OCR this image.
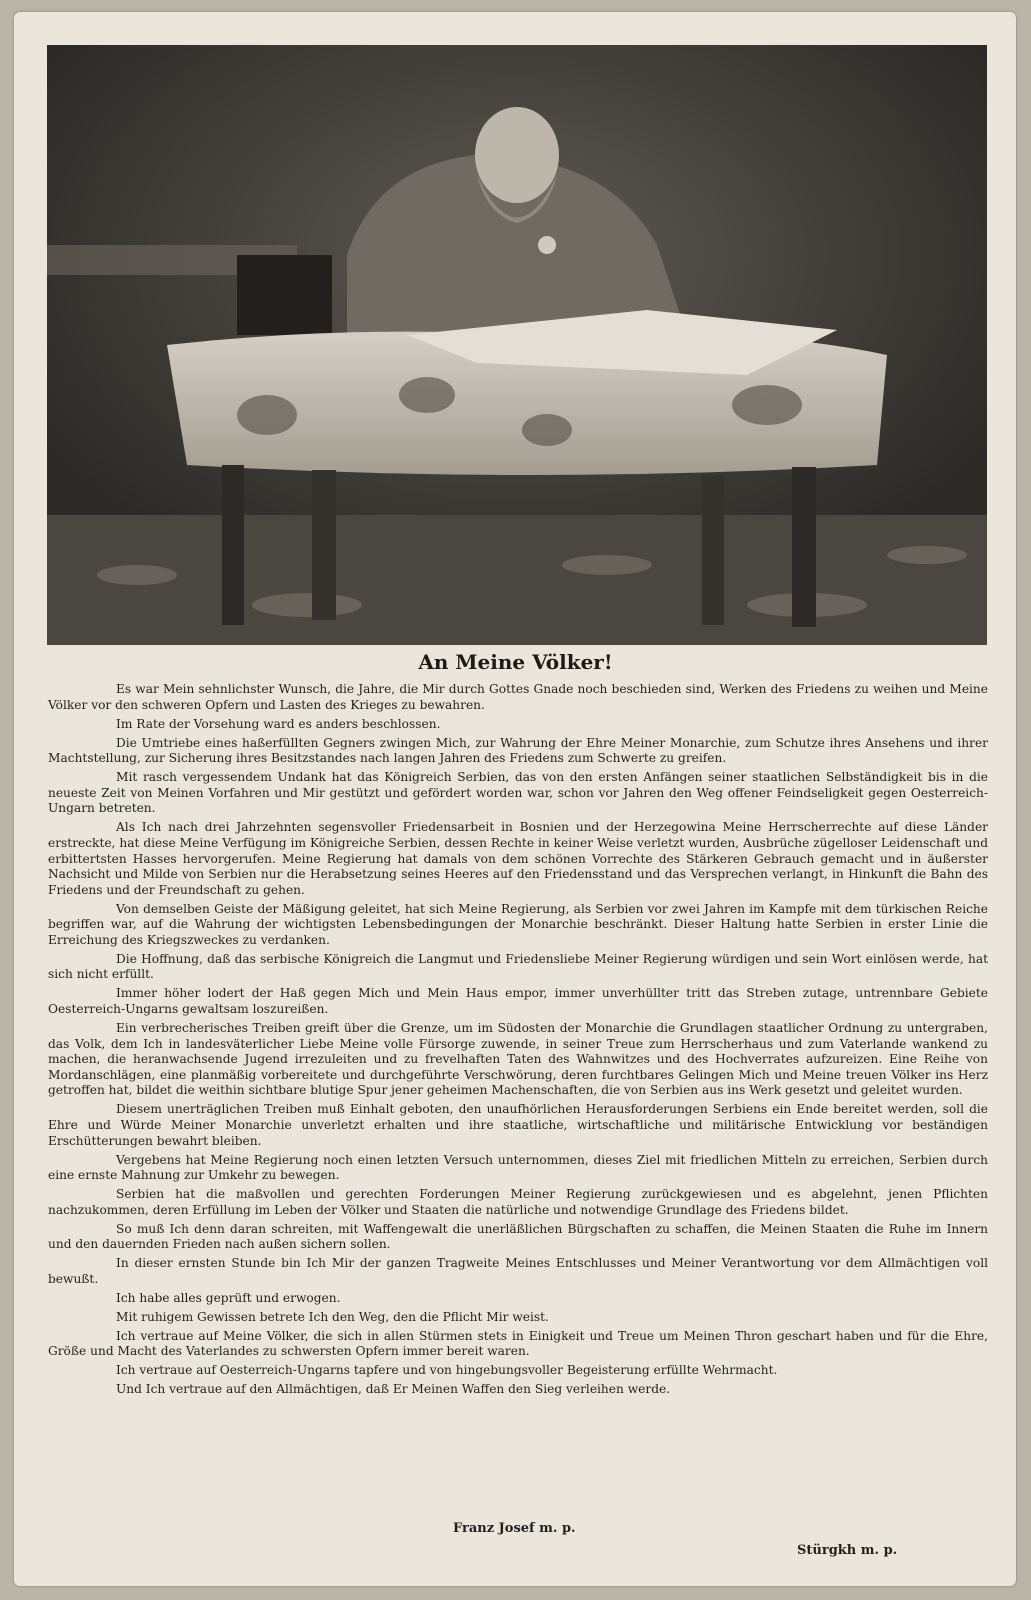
An Meine Völker!

Es war Mein sehnlichster Wunsch, die Jahre, die Mir durch Gottes Gnade noch beschieden sind, Werken des Friedens zu weihen und Meine Völker vor den schweren Opfern und Lasten des Krieges zu bewahren.

Im Rate der Vorsehung ward es anders beschlossen.

Die Umtriebe eines haßerfüllten Gegners zwingen Mich, zur Wahrung der Ehre Meiner Monarchie, zum Schutze ihres Ansehens und ihrer Machtstellung, zur Sicherung ihres Besitzstandes nach langen Jahren des Friedens zum Schwerte zu greifen.

Mit rasch vergessendem Undank hat das Königreich Serbien, das von den ersten Anfängen seiner staatlichen Selbständigkeit bis in die neueste Zeit von Meinen Vorfahren und Mir gestützt und gefördert worden war, schon vor Jahren den Weg offener Feindseligkeit gegen Oesterreich-Ungarn betreten.

Als Ich nach drei Jahrzehnten segensvoller Friedensarbeit in Bosnien und der Herzegowina Meine Herrscherrechte auf diese Länder erstreckte, hat diese Meine Verfügung im Königreiche Serbien, dessen Rechte in keiner Weise verletzt wurden, Ausbrüche zügelloser Leidenschaft und erbittertsten Hasses hervorgerufen. Meine Regierung hat damals von dem schönen Vorrechte des Stärkeren Gebrauch gemacht und in äußerster Nachsicht und Milde von Serbien nur die Herabsetzung seines Heeres auf den Friedensstand und das Versprechen verlangt, in Hinkunft die Bahn des Friedens und der Freundschaft zu gehen.

Von demselben Geiste der Mäßigung geleitet, hat sich Meine Regierung, als Serbien vor zwei Jahren im Kampfe mit dem türkischen Reiche begriffen war, auf die Wahrung der wichtigsten Lebensbedingungen der Monarchie beschränkt. Dieser Haltung hatte Serbien in erster Linie die Erreichung des Kriegszweckes zu verdanken.

Die Hoffnung, daß das serbische Königreich die Langmut und Friedensliebe Meiner Regierung würdigen und sein Wort einlösen werde, hat sich nicht erfüllt.

Immer höher lodert der Haß gegen Mich und Mein Haus empor, immer unverhüllter tritt das Streben zutage, untrennbare Gebiete Oesterreich-Ungarns gewaltsam loszureißen.

Ein verbrecherisches Treiben greift über die Grenze, um im Südosten der Monarchie die Grundlagen staatlicher Ordnung zu untergraben, das Volk, dem Ich in landesväterlicher Liebe Meine volle Fürsorge zuwende, in seiner Treue zum Herrscherhaus und zum Vaterlande wankend zu machen, die heranwachsende Jugend irrezuleiten und zu frevelhaften Taten des Wahnwitzes und des Hochverrates aufzureizen. Eine Reihe von Mordanschlägen, eine planmäßig vorbereitete und durchgeführte Verschwörung, deren furchtbares Gelingen Mich und Meine treuen Völker ins Herz getroffen hat, bildet die weithin sichtbare blutige Spur jener geheimen Machenschaften, die von Serbien aus ins Werk gesetzt und geleitet wurden.

Diesem unerträglichen Treiben muß Einhalt geboten, den unaufhörlichen Herausforderungen Serbiens ein Ende bereitet werden, soll die Ehre und Würde Meiner Monarchie unverletzt erhalten und ihre staatliche, wirtschaftliche und militärische Entwicklung vor beständigen Erschütterungen bewahrt bleiben.

Vergebens hat Meine Regierung noch einen letzten Versuch unternommen, dieses Ziel mit friedlichen Mitteln zu erreichen, Serbien durch eine ernste Mahnung zur Umkehr zu bewegen.

Serbien hat die maßvollen und gerechten Forderungen Meiner Regierung zurückgewiesen und es abgelehnt, jenen Pflichten nachzukommen, deren Erfüllung im Leben der Völker und Staaten die natürliche und notwendige Grundlage des Friedens bildet.

So muß Ich denn daran schreiten, mit Waffengewalt die unerläßlichen Bürgschaften zu schaffen, die Meinen Staaten die Ruhe im Innern und den dauernden Frieden nach außen sichern sollen.

In dieser ernsten Stunde bin Ich Mir der ganzen Tragweite Meines Entschlusses und Meiner Verantwortung vor dem Allmächtigen voll bewußt.

Ich habe alles geprüft und erwogen.

Mit ruhigem Gewissen betrete Ich den Weg, den die Pflicht Mir weist.

Ich vertraue auf Meine Völker, die sich in allen Stürmen stets in Einigkeit und Treue um Meinen Thron geschart haben und für die Ehre, Größe und Macht des Vaterlandes zu schwersten Opfern immer bereit waren.

Ich vertraue auf Oesterreich-Ungarns tapfere und von hingebungsvoller Begeisterung erfüllte Wehrmacht.

Und Ich vertraue auf den Allmächtigen, daß Er Meinen Waffen den Sieg verleihen werde.

Franz Josef m. p.
Stürgkh m. p.
